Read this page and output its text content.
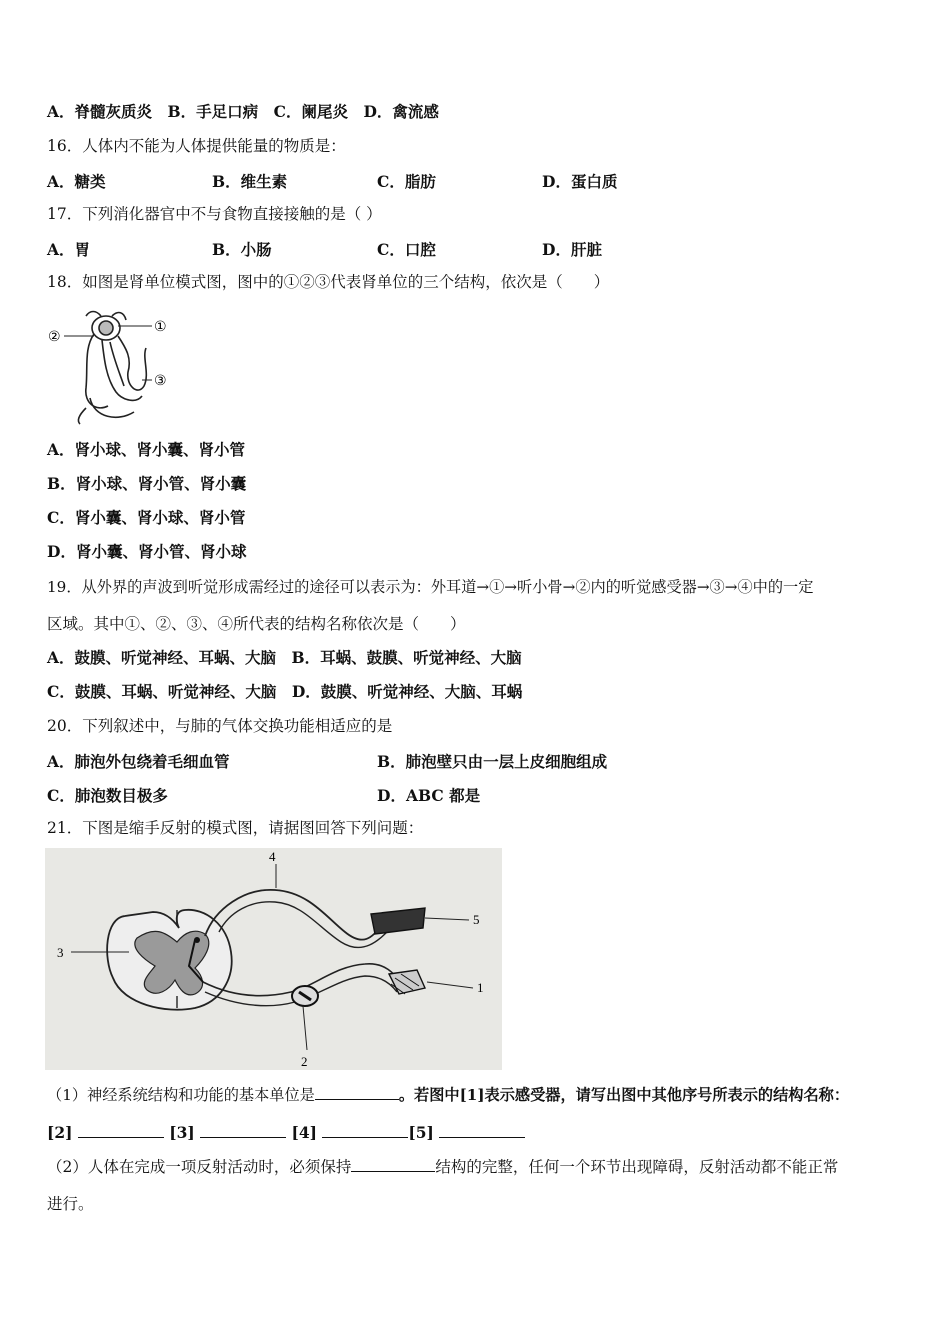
A．脊髓灰质炎　B．手足口病　C．阑尾炎　D．禽流感
16．人体内不能为人体提供能量的物质是：
A．糖类	B．维生素	C．脂肪	D．蛋白质
17．下列消化器官中不与食物直接接触的是（ ）
A．胃	B．小肠	C．口腔	D．肝脏
18．如图是肾单位模式图，图中的①②③代表肾单位的三个结构，依次是（　　）
②
①
③
A．肾小球、肾小囊、肾小管
B．肾小球、肾小管、肾小囊
C．肾小囊、肾小球、肾小管
D．肾小囊、肾小管、肾小球
19．从外界的声波到听觉形成需经过的途径可以表示为：外耳道→①→听小骨→②内的听觉感受器→③→④中的一定
区域。其中①、②、③、④所代表的结构名称依次是（　　）
A．鼓膜、听觉神经、耳蜗、大脑　B．耳蜗、鼓膜、听觉神经、大脑
C．鼓膜、耳蜗、听觉神经、大脑　D．鼓膜、听觉神经、大脑、耳蜗
20．下列叙述中，与肺的气体交换功能相适应的是
A．肺泡外包绕着毛细血管	B．肺泡壁只由一层上皮细胞组成
C．肺泡数目极多	D．ABC 都是
21．下图是缩手反射的模式图，请据图回答下列问题：
4
5
3
1
2
（1）神经系统结构和功能的基本单位是	。若图中[1]表示感受器，请写出图中其他序号所表示的结构名称：
[2]	[3]	[4]	[5]
（2）人体在完成一项反射活动时，必须保持	结构的完整，任何一个环节出现障碍，反射活动都不能正常
进行。
